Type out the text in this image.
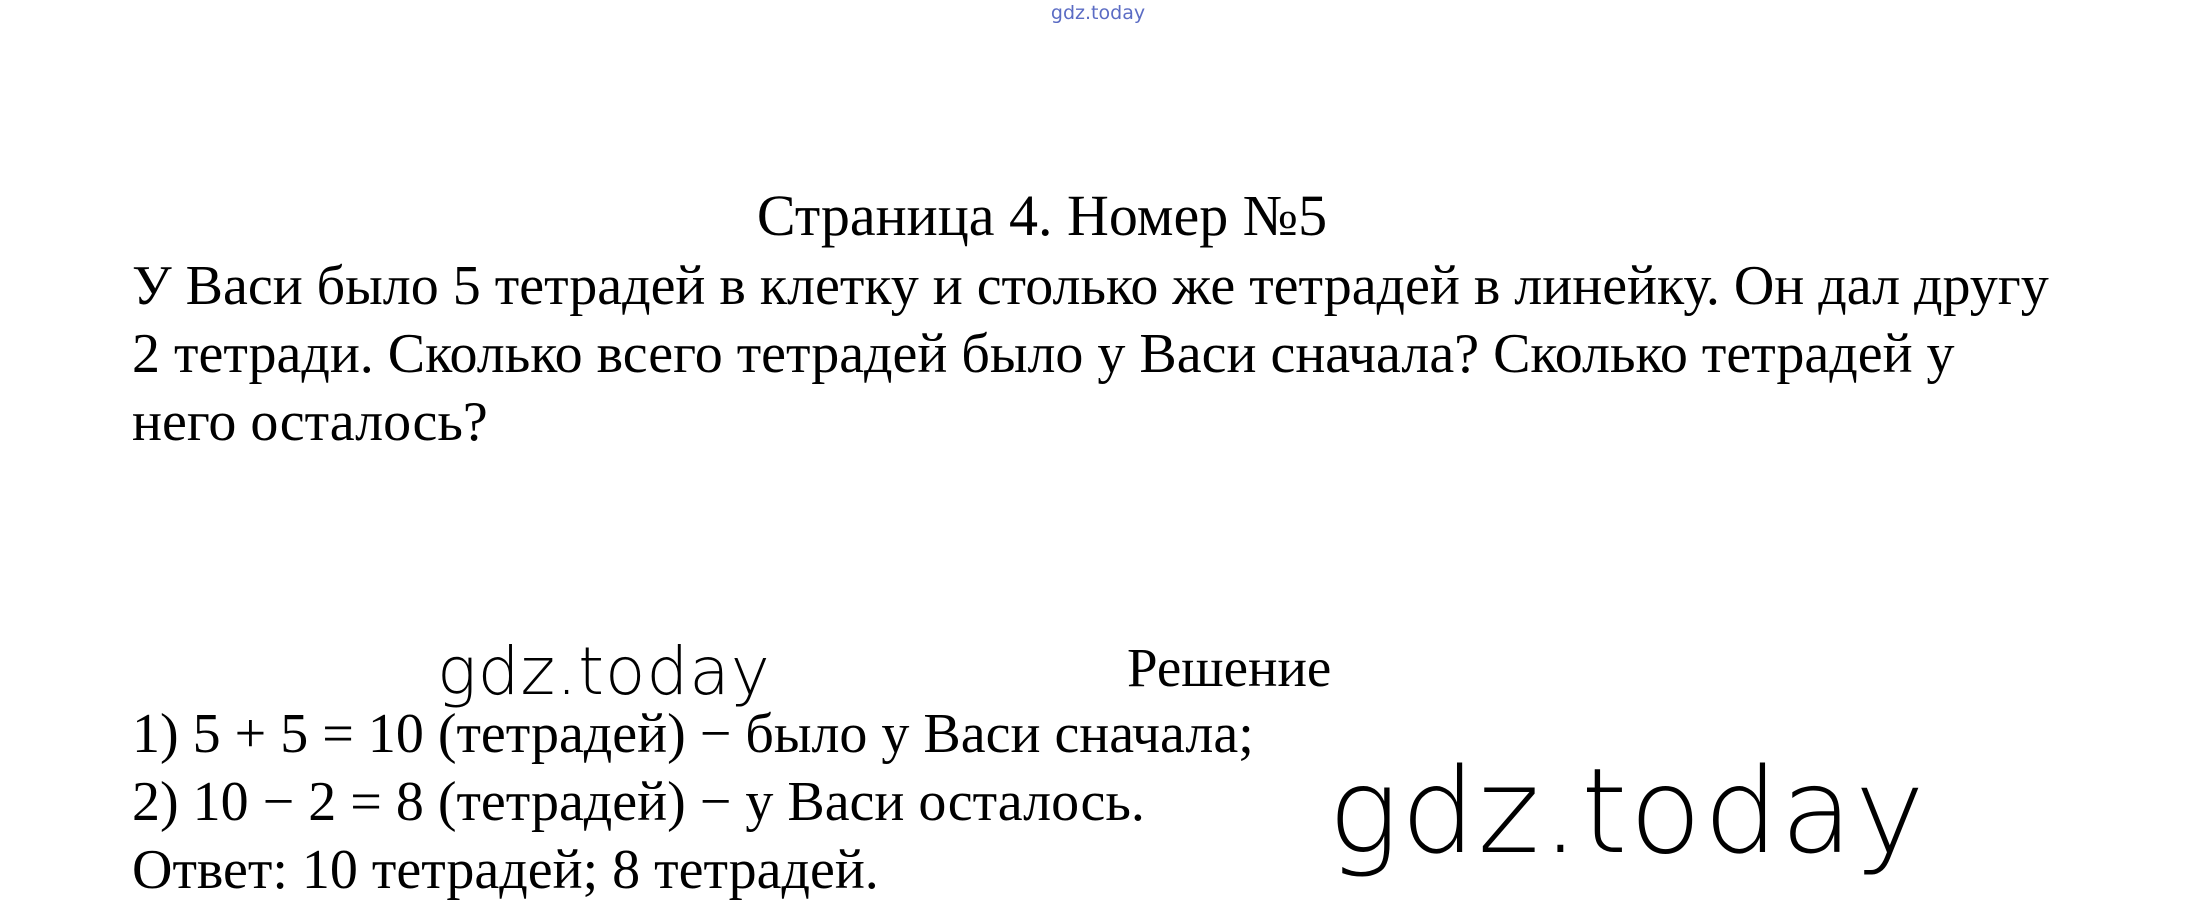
gdz.today
Страница 4. Номер №5

У Васи было 5 тетрадей в клетку и столько же тетрадей в линейку. Он дал другу 2 тетради. Сколько всего тетрадей было у Васи сначала? Сколько тетрадей у него осталось?

gdz.today	Решение

1) 5 + 5 = 10 (тетрадей) − было у Васи сначала;
2) 10 − 2 = 8 (тетрадей) − у Васи осталось.
Ответ: 10 тетрадей; 8 тетрадей.	gdz.today
